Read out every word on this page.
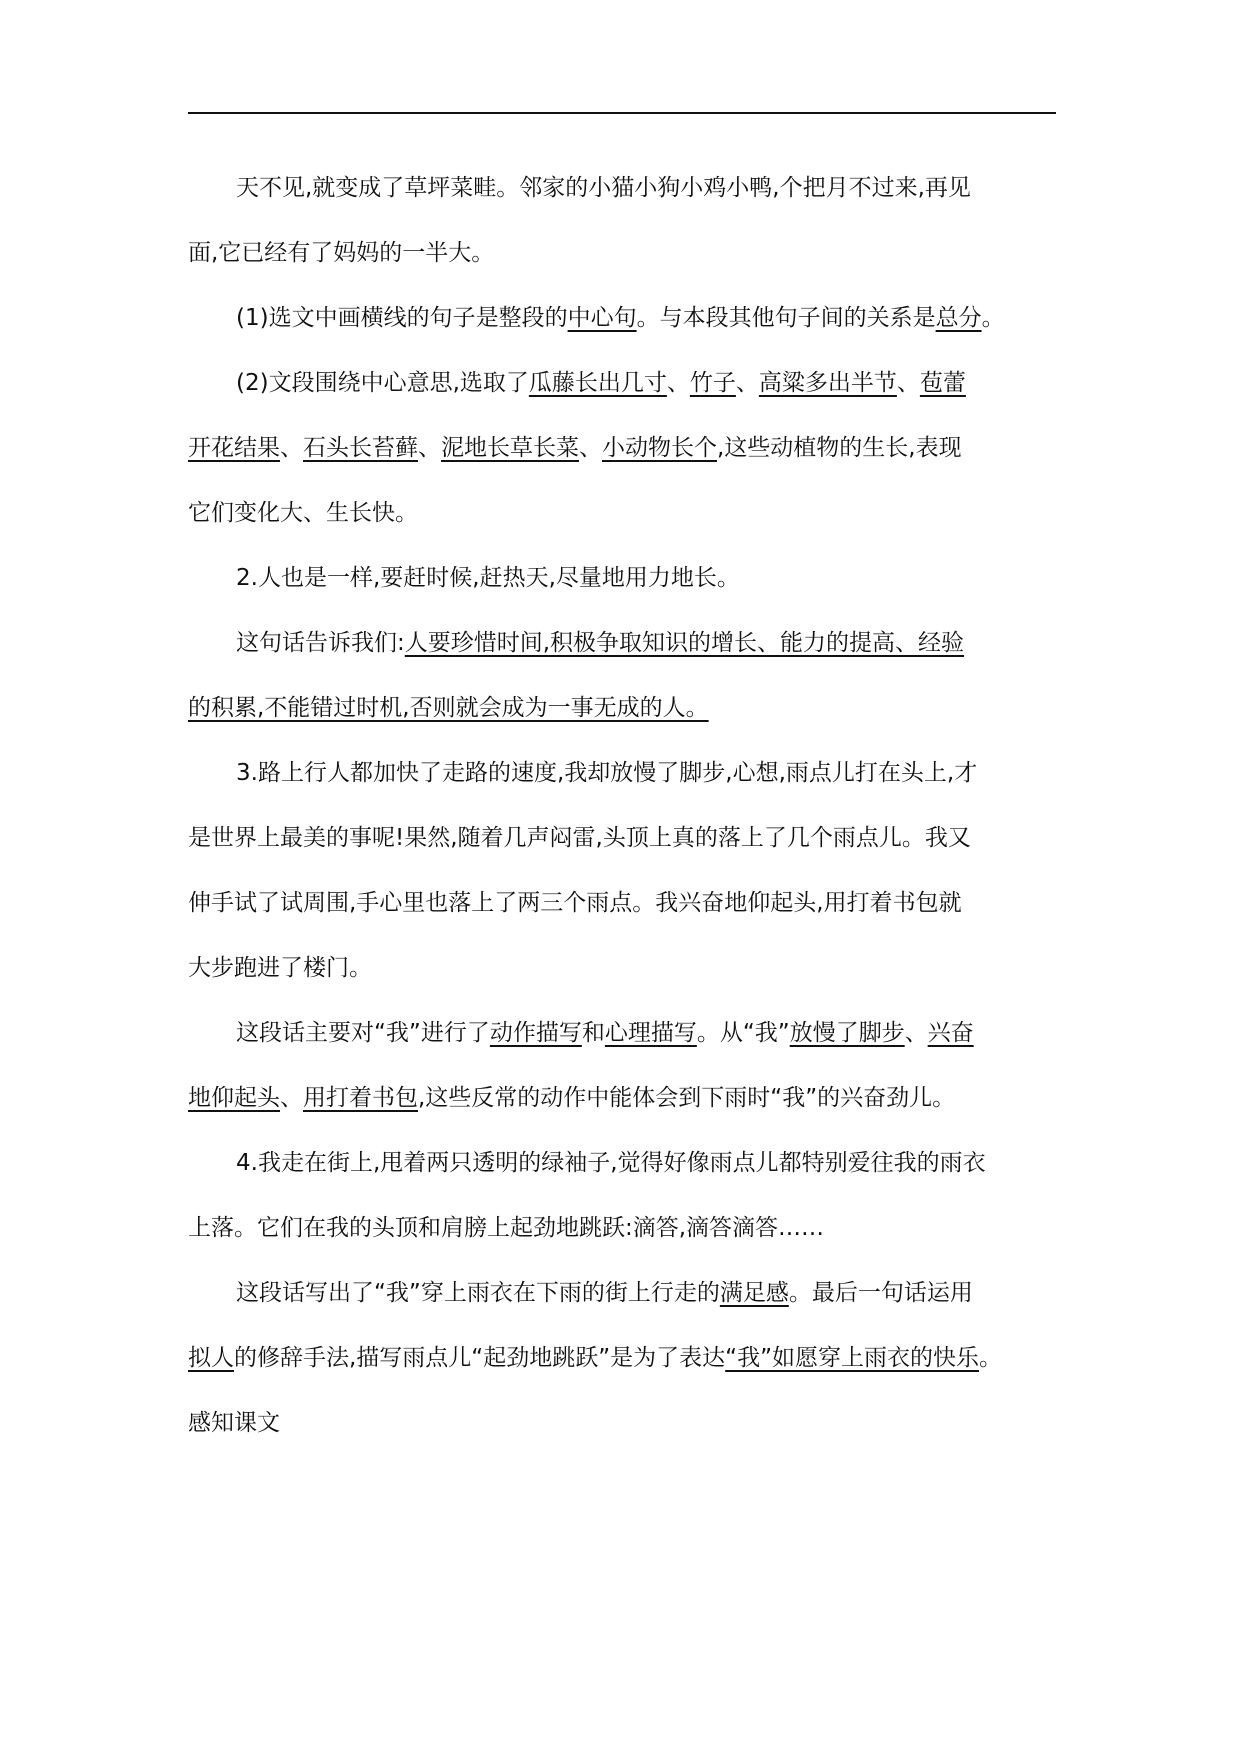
天不见,就变成了草坪菜畦。邻家的小猫小狗小鸡小鸭,个把月不过来,再见
面,它已经有了妈妈的一半大。
(1)选文中画横线的句子是整段的中心句。与本段其他句子间的关系是总分。
(2)文段围绕中心意思,选取了瓜藤长出几寸、竹子、高粱多出半节、苞蕾
开花结果、石头长苔藓、泥地长草长菜、小动物长个,这些动植物的生长,表现
它们变化大、生长快。
2.人也是一样,要赶时候,赶热天,尽量地用力地长。
这句话告诉我们:人要珍惜时间,积极争取知识的增长、能力的提高、经验
的积累,不能错过时机,否则就会成为一事无成的人。
3.路上行人都加快了走路的速度,我却放慢了脚步,心想,雨点儿打在头上,才
是世界上最美的事呢!果然,随着几声闷雷,头顶上真的落上了几个雨点儿。我又
伸手试了试周围,手心里也落上了两三个雨点。我兴奋地仰起头,用打着书包就
大步跑进了楼门。
这段话主要对“我”进行了动作描写和心理描写。从“我”放慢了脚步、兴奋
地仰起头、用打着书包,这些反常的动作中能体会到下雨时“我”的兴奋劲儿。
4.我走在街上,甩着两只透明的绿袖子,觉得好像雨点儿都特别爱往我的雨衣
上落。它们在我的头顶和肩膀上起劲地跳跃:滴答,滴答滴答……
这段话写出了“我”穿上雨衣在下雨的街上行走的满足感。最后一句话运用
拟人的修辞手法,描写雨点儿“起劲地跳跃”是为了表达“我”如愿穿上雨衣的快乐。
感知课文
